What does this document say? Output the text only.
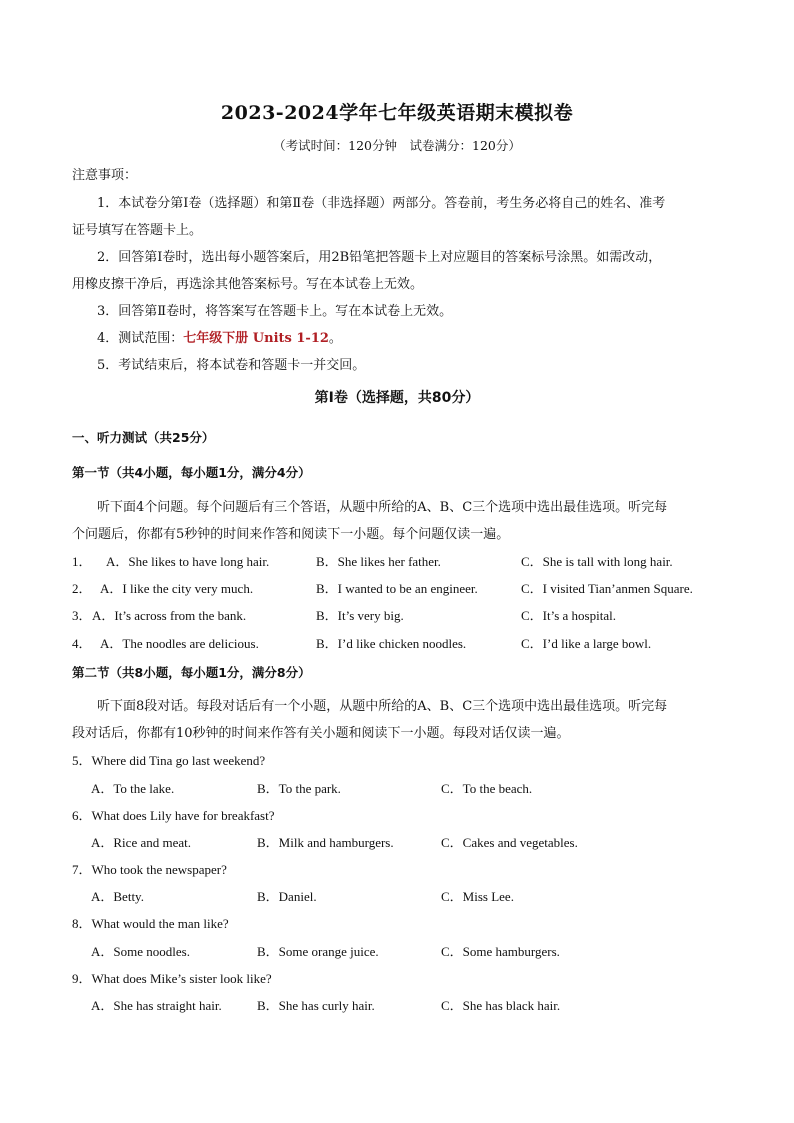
2023-2024学年七年级英语期末模拟卷
（考试时间：120分钟　试卷满分：120分）
注意事项：
1．本试卷分第Ⅰ卷（选择题）和第Ⅱ卷（非选择题）两部分。答卷前，考生务必将自己的姓名、准考
证号填写在答题卡上。
2．回答第Ⅰ卷时，选出每小题答案后，用2B铅笔把答题卡上对应题目的答案标号涂黑。如需改动，
用橡皮擦干净后，再选涂其他答案标号。写在本试卷上无效。
3．回答第Ⅱ卷时，将答案写在答题卡上。写在本试卷上无效。
4．测试范围：七年级下册 Units 1-12。
5．考试结束后，将本试卷和答题卡一并交回。
第Ⅰ卷（选择题，共80分）
一、听力测试（共25分）
第一节（共4小题，每小题1分，满分4分）
听下面4个问题。每个问题后有三个答语，从题中所给的A、B、C三个选项中选出最佳选项。听完每
个问题后，你都有5秒钟的时间来作答和阅读下一小题。每个问题仅读一遍。
1． A．She likes to have long hair.	B．She likes her father.	C．She is tall with long hair.
2． A．I like the city very much.	B．I wanted to be an engineer.	C．I visited Tian’anmen Square.
3． A．It’s across from the bank.	B．It’s very big.	C．It’s a hospital.
4． A．The noodles are delicious.	B．I’d like chicken noodles.	C．I’d like a large bowl.
第二节（共8小题，每小题1分，满分8分）
听下面8段对话。每段对话后有一个小题，从题中所给的A、B、C三个选项中选出最佳选项。听完每
段对话后，你都有10秒钟的时间来作答有关小题和阅读下一小题。每段对话仅读一遍。
5．Where did Tina go last weekend?
A．To the lake.	B．To the park.	C．To the beach.
6．What does Lily have for breakfast?
A．Rice and meat.	B．Milk and hamburgers.	C．Cakes and vegetables.
7．Who took the newspaper?
A．Betty.	B．Daniel.	C．Miss Lee.
8．What would the man like?
A．Some noodles.	B．Some orange juice.	C．Some hamburgers.
9．What does Mike’s sister look like?
A．She has straight hair.	B．She has curly hair.	C．She has black hair.
